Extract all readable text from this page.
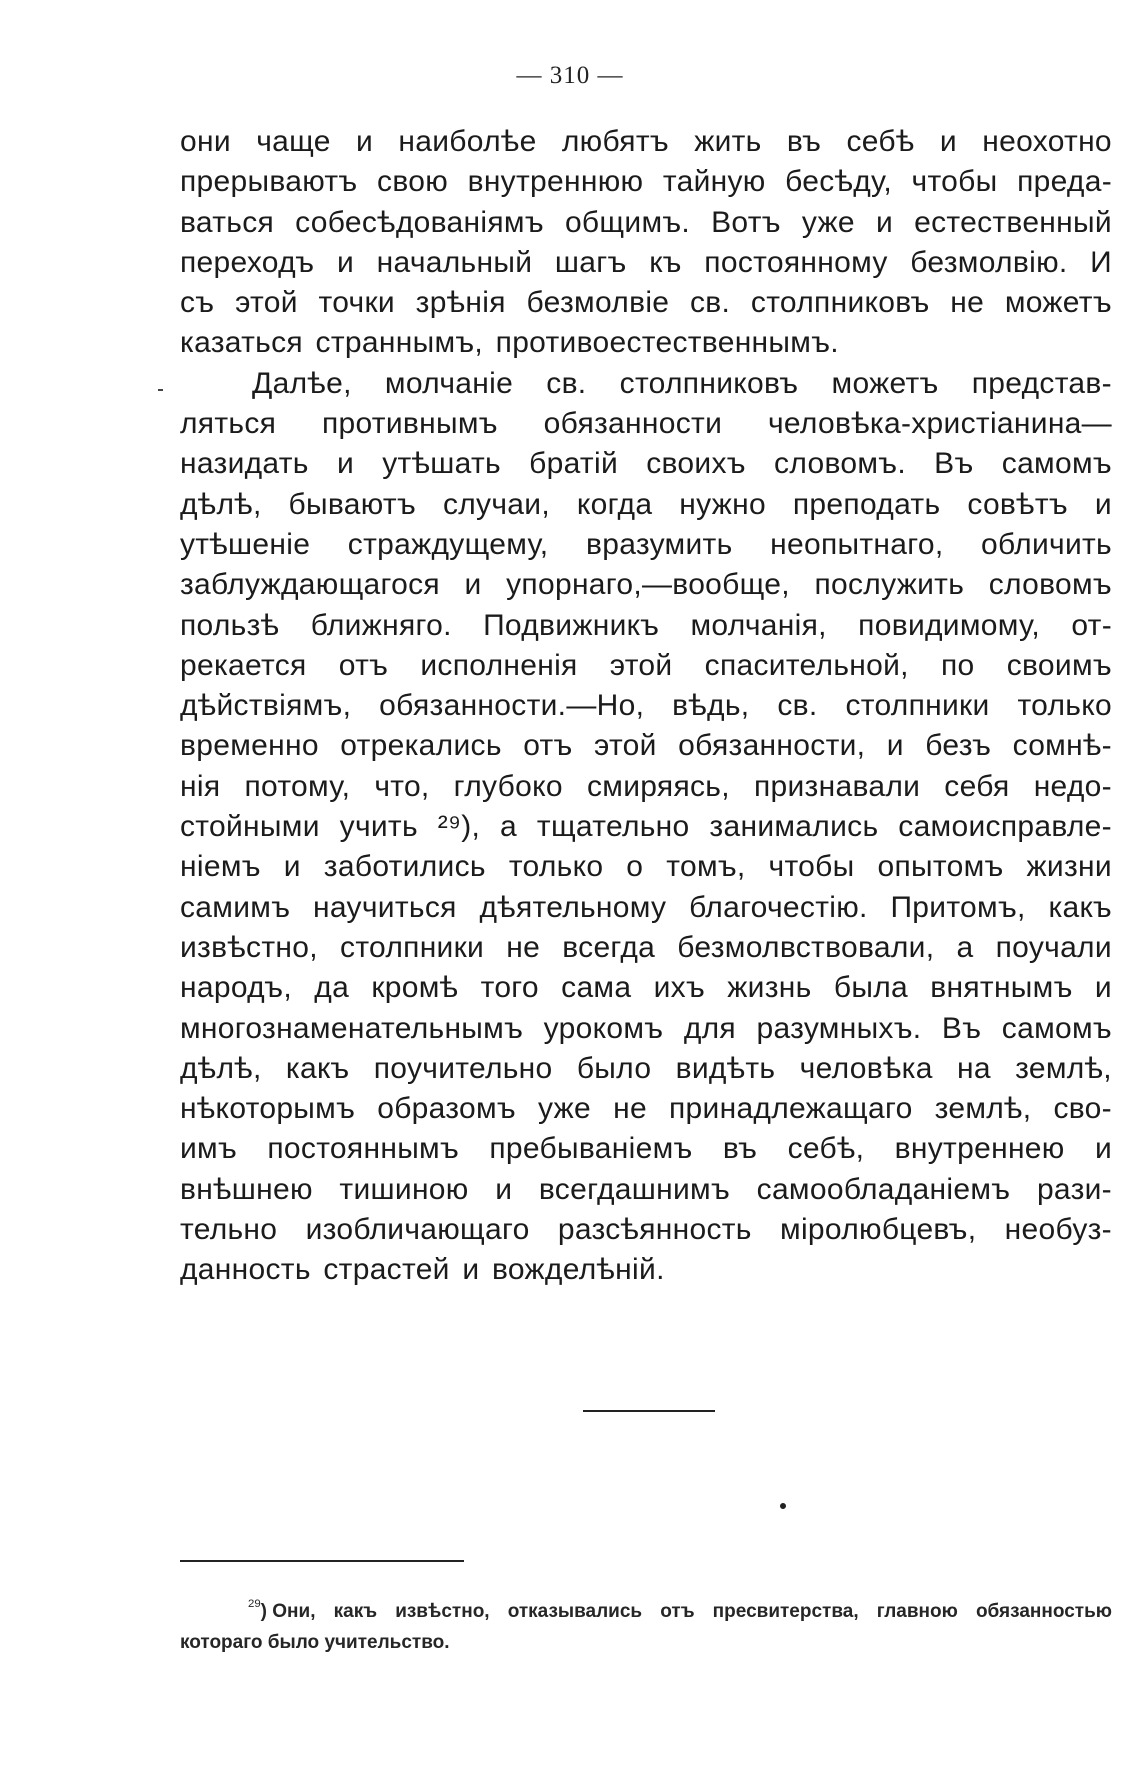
— 310 —
они чаще и наиболѣе любятъ жить въ себѣ и неохотно
прерываютъ свою внутреннюю тайную бесѣду, чтобы преда-
ваться собесѣдованіямъ общимъ. Вотъ уже и естественный
переходъ и начальный шагъ къ постоянному безмолвію. И
съ этой точки зрѣнія безмолвіе св. столпниковъ не можетъ
казаться страннымъ, противоестественнымъ.
Далѣе, молчаніе св. столпниковъ можетъ представ-
ляться противнымъ обязанности человѣка-христіанина—
назидать и утѣшать братій своихъ словомъ. Въ самомъ
дѣлѣ, бываютъ случаи, когда нужно преподать совѣтъ и
утѣшеніе страждущему, вразумить неопытнаго, обличить
заблуждающагося и упорнаго,—вообще, послужить словомъ
пользѣ ближняго. Подвижникъ молчанія, повидимому, от-
рекается отъ исполненія этой спасительной, по своимъ
дѣйствіямъ, обязанности.—Но, вѣдь, св. столпники только
временно отрекались отъ этой обязанности, и безъ сомнѣ-
нія потому, что, глубоко смиряясь, признавали себя недо-
стойными учить ²⁹), а тщательно занимались самоисправле-
ніемъ и заботились только о томъ, чтобы опытомъ жизни
самимъ научиться дѣятельному благочестію. Притомъ, какъ
извѣстно, столпники не всегда безмолвствовали, а поучали
народъ, да кромѣ того сама ихъ жизнь была внятнымъ и
многознаменательнымъ урокомъ для разумныхъ. Въ самомъ
дѣлѣ, какъ поучительно было видѣть человѣка на землѣ,
нѣкоторымъ образомъ уже не принадлежащаго землѣ, сво-
имъ постояннымъ пребываніемъ въ себѣ, внутреннею и
внѣшнею тишиною и всегдашнимъ самообладаніемъ рази-
тельно изобличающаго разсѣянность міролюбцевъ, необуз-
данность страстей и вожделѣній.
$^{29}$) Они, какъ извѣстно, отказывались отъ пресвитерства, главною обязанностью
котораго было учительство.
